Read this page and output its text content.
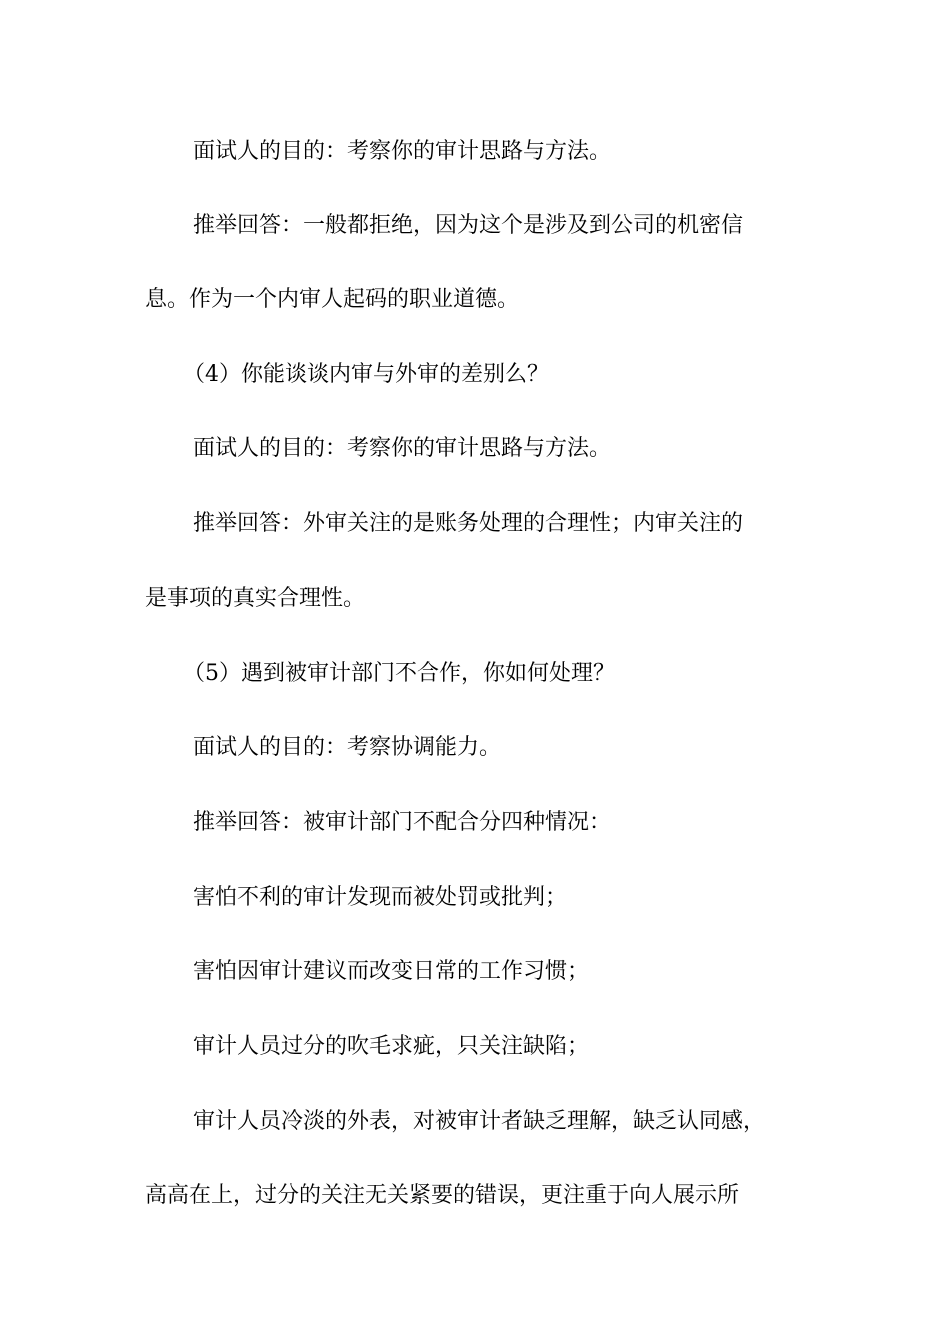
面试人的目的：考察你的审计思路与方法。
推举回答：一般都拒绝，因为这个是涉及到公司的机密信
息。作为一个内审人起码的职业道德。
（4）你能谈谈内审与外审的差别么？
面试人的目的：考察你的审计思路与方法。
推举回答：外审关注的是账务处理的合理性；内审关注的
是事项的真实合理性。
（5）遇到被审计部门不合作，你如何处理？
面试人的目的：考察协调能力。
推举回答：被审计部门不配合分四种情况：
害怕不利的审计发现而被处罚或批判；
害怕因审计建议而改变日常的工作习惯；
审计人员过分的吹毛求疵，只关注缺陷；
审计人员冷淡的外表，对被审计者缺乏理解，缺乏认同感，
高高在上，过分的关注无关紧要的错误，更注重于向人展示所
